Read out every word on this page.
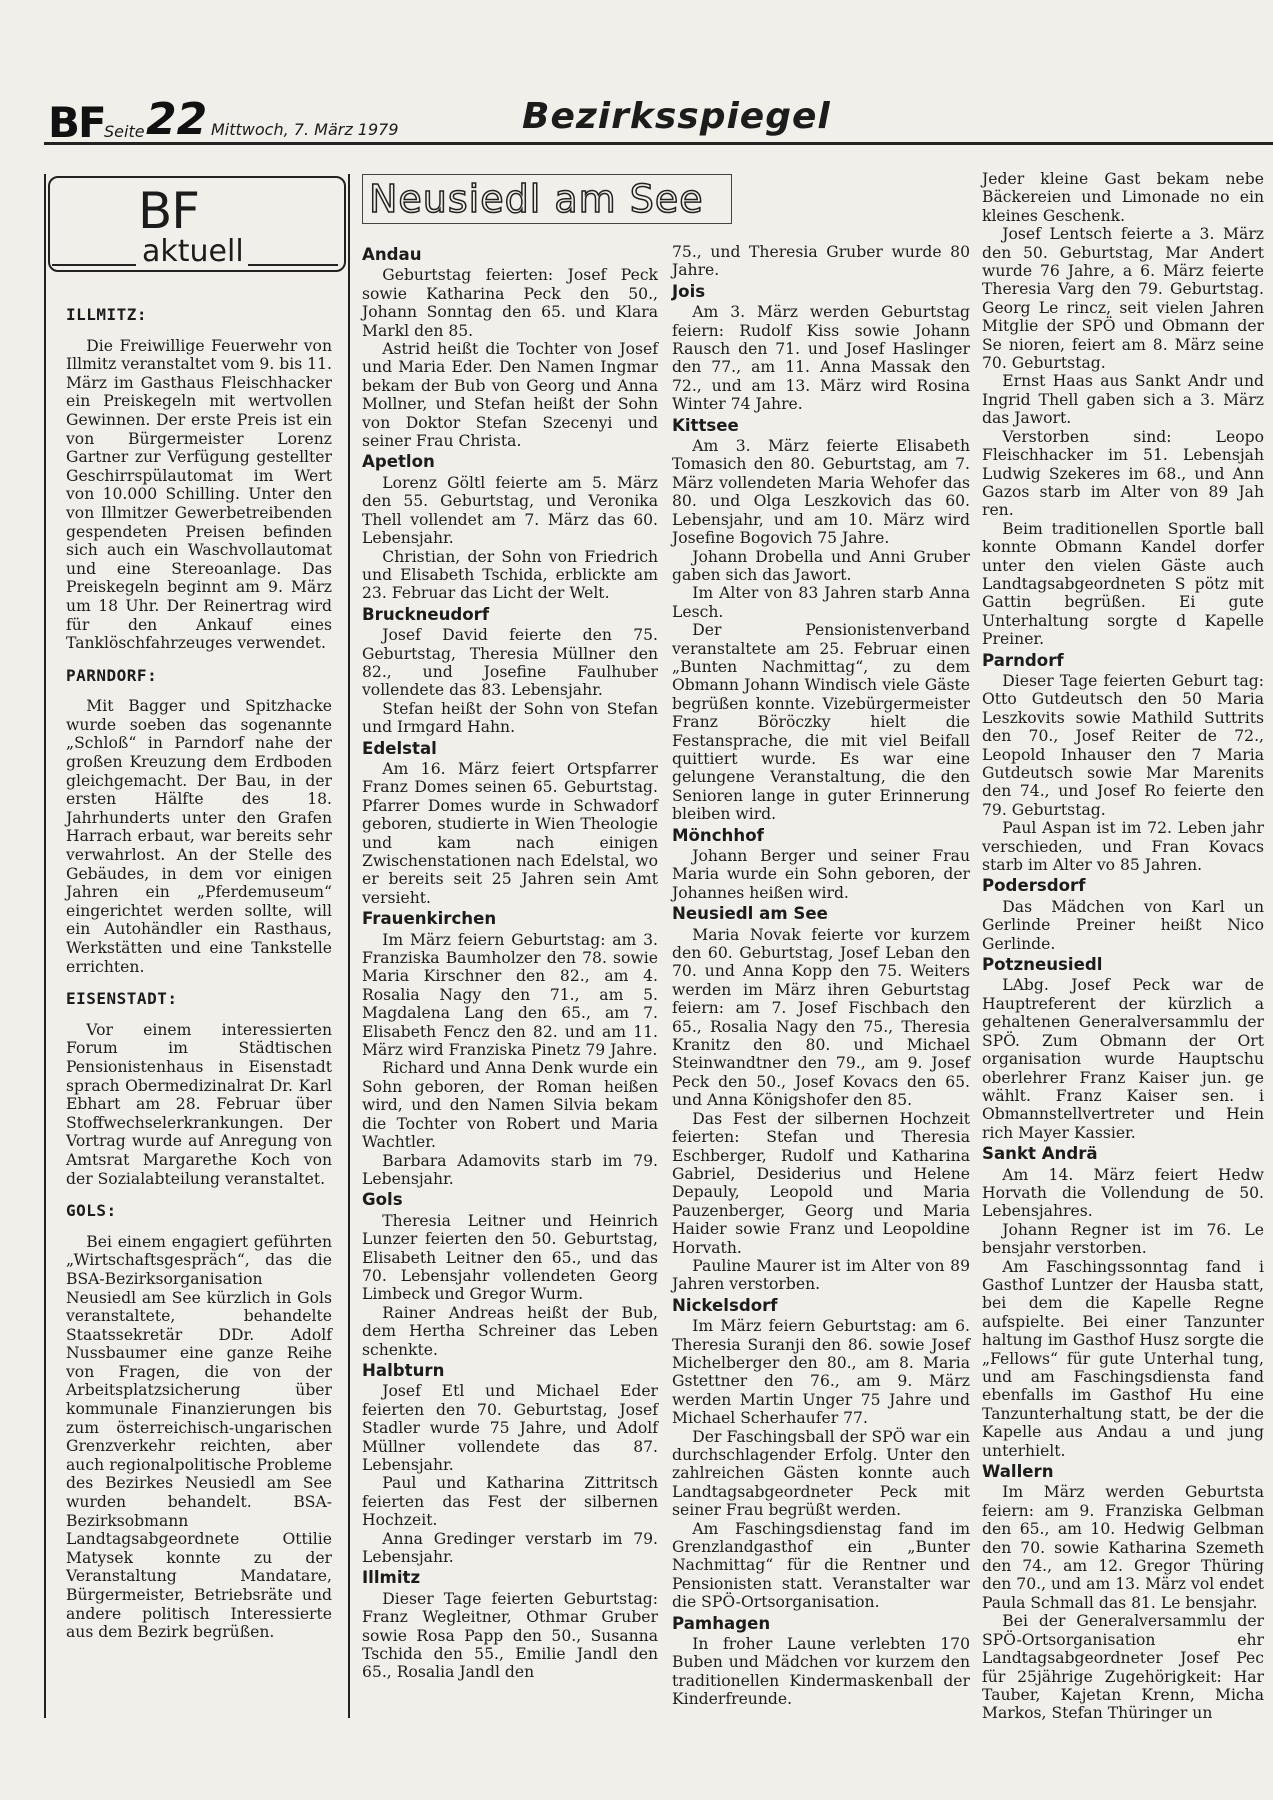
BF Seite 22 Mittwoch, 7. März 1979	Bezirksspiegel
BF
aktuell
ILLMITZ:

Die Freiwillige Feuerwehr von Illmitz veranstaltet vom 9. bis 11. März im Gasthaus Fleischhacker ein Preiskegeln mit wertvollen Gewinnen. Der erste Preis ist ein von Bürgermeister Lorenz Gartner zur Verfügung gestellter Geschirrspülautomat im Wert von 10.000 Schilling. Unter den von Illmitzer Gewerbetreibenden gespendeten Preisen befinden sich auch ein Waschvollautomat und eine Stereoanlage. Das Preiskegeln beginnt am 9. März um 18 Uhr. Der Reinertrag wird für den Ankauf eines Tanklöschfahrzeuges verwendet.

PARNDORF:

Mit Bagger und Spitzhacke wurde soeben das sogenannte „Schloß“ in Parndorf nahe der großen Kreuzung dem Erdboden gleichgemacht. Der Bau, in der ersten Hälfte des 18. Jahrhunderts unter den Grafen Harrach erbaut, war bereits sehr verwahrlost. An der Stelle des Gebäudes, in dem vor einigen Jahren ein „Pferdemuseum“ eingerichtet werden sollte, will ein Autohändler ein Rasthaus, Werkstätten und eine Tankstelle errichten.

EISENSTADT:

Vor einem interessierten Forum im Städtischen Pensionistenhaus in Eisenstadt sprach Obermedizinalrat Dr. Karl Ebhart am 28. Februar über Stoffwechselerkrankungen. Der Vortrag wurde auf Anregung von Amtsrat Margarethe Koch von der Sozialabteilung veranstaltet.

GOLS:

Bei einem engagiert geführten „Wirtschaftsgespräch“, das die BSA-Bezirksorganisation Neusiedl am See kürzlich in Gols veranstaltete, behandelte Staatssekretär DDr. Adolf Nussbaumer eine ganze Reihe von Fragen, die von der Arbeitsplatzsicherung über kommunale Finanzierungen bis zum österreichisch-ungarischen Grenzverkehr reichten, aber auch regionalpolitische Probleme des Bezirkes Neusiedl am See wurden behandelt. BSA-Bezirksobmann Landtagsabgeordnete Ottilie Matysek konnte zu der Veranstaltung Mandatare, Bürgermeister, Betriebsräte und andere politisch Interessierte aus dem Bezirk begrüßen.

Neusiedl am See
Andau

Geburtstag feierten: Josef Peck sowie Katharina Peck den 50., Johann Sonntag den 65. und Klara Markl den 85.

Astrid heißt die Tochter von Josef und Maria Eder. Den Namen Ingmar bekam der Bub von Georg und Anna Mollner, und Stefan heißt der Sohn von Doktor Stefan Szecenyi und seiner Frau Christa.

Apetlon

Lorenz Göltl feierte am 5. März den 55. Geburtstag, und Veronika Thell vollendet am 7. März das 60. Lebensjahr.

Christian, der Sohn von Friedrich und Elisabeth Tschida, erblickte am 23. Februar das Licht der Welt.

Bruckneudorf

Josef David feierte den 75. Geburtstag, Theresia Müllner den 82., und Josefine Faulhuber vollendete das 83. Lebensjahr.

Stefan heißt der Sohn von Stefan und Irmgard Hahn.

Edelstal

Am 16. März feiert Ortspfarrer Franz Domes seinen 65. Geburtstag. Pfarrer Domes wurde in Schwadorf geboren, studierte in Wien Theologie und kam nach einigen Zwischenstationen nach Edelstal, wo er bereits seit 25 Jahren sein Amt versieht.

Frauenkirchen

Im März feiern Geburtstag: am 3. Franziska Baumholzer den 78. sowie Maria Kirschner den 82., am 4. Rosalia Nagy den 71., am 5. Magdalena Lang den 65., am 7. Elisabeth Fencz den 82. und am 11. März wird Franziska Pinetz 79 Jahre.

Richard und Anna Denk wurde ein Sohn geboren, der Roman heißen wird, und den Namen Silvia bekam die Tochter von Robert und Maria Wachtler.

Barbara Adamovits starb im 79. Lebensjahr.

Gols

Theresia Leitner und Heinrich Lunzer feierten den 50. Geburtstag, Elisabeth Leitner den 65., und das 70. Lebensjahr vollendeten Georg Limbeck und Gregor Wurm.

Rainer Andreas heißt der Bub, dem Hertha Schreiner das Leben schenkte.

Halbturn

Josef Etl und Michael Eder feierten den 70. Geburtstag, Josef Stadler wurde 75 Jahre, und Adolf Müllner vollendete das 87. Lebensjahr.

Paul und Katharina Zittritsch feierten das Fest der silbernen Hochzeit.

Anna Gredinger verstarb im 79. Lebensjahr.

Illmitz

Dieser Tage feierten Geburtstag: Franz Wegleitner, Othmar Gruber sowie Rosa Papp den 50., Susanna Tschida den 55., Emilie Jandl den 65., Rosalia Jandl den

75., und Theresia Gruber wurde 80 Jahre.

Jois

Am 3. März werden Geburtstag feiern: Rudolf Kiss sowie Johann Rausch den 71. und Josef Haslinger den 77., am 11. Anna Massak den 72., und am 13. März wird Rosina Winter 74 Jahre.

Kittsee

Am 3. März feierte Elisabeth Tomasich den 80. Geburtstag, am 7. März vollendeten Maria Wehofer das 80. und Olga Leszkovich das 60. Lebensjahr, und am 10. März wird Josefine Bogovich 75 Jahre.

Johann Drobella und Anni Gruber gaben sich das Jawort.

Im Alter von 83 Jahren starb Anna Lesch.

Der Pensionistenverband veranstaltete am 25. Februar einen „Bunten Nachmittag“, zu dem Obmann Johann Windisch viele Gäste begrüßen konnte. Vizebürgermeister Franz Böröczky hielt die Festansprache, die mit viel Beifall quittiert wurde. Es war eine gelungene Veranstaltung, die den Senioren lange in guter Erinnerung bleiben wird.

Mönchhof

Johann Berger und seiner Frau Maria wurde ein Sohn geboren, der Johannes heißen wird.

Neusiedl am See

Maria Novak feierte vor kurzem den 60. Geburtstag, Josef Leban den 70. und Anna Kopp den 75. Weiters werden im März ihren Geburtstag feiern: am 7. Josef Fischbach den 65., Rosalia Nagy den 75., Theresia Kranitz den 80. und Michael Steinwandtner den 79., am 9. Josef Peck den 50., Josef Kovacs den 65. und Anna Königshofer den 85.

Das Fest der silbernen Hochzeit feierten: Stefan und Theresia Eschberger, Rudolf und Katharina Gabriel, Desiderius und Helene Depauly, Leopold und Maria Pauzenberger, Georg und Maria Haider sowie Franz und Leopoldine Horvath.

Pauline Maurer ist im Alter von 89 Jahren verstorben.

Nickelsdorf

Im März feiern Geburtstag: am 6. Theresia Suranji den 86. sowie Josef Michelberger den 80., am 8. Maria Gstettner den 76., am 9. März werden Martin Unger 75 Jahre und Michael Scherhaufer 77.

Der Faschingsball der SPÖ war ein durchschlagender Erfolg. Unter den zahlreichen Gästen konnte auch Landtagsabgeordneter Peck mit seiner Frau begrüßt werden.

Am Faschingsdienstag fand im Grenzlandgasthof ein „Bunter Nachmittag“ für die Rentner und Pensionisten statt. Veranstalter war die SPÖ-Ortsorganisation.

Pamhagen

In froher Laune verlebten 170 Buben und Mädchen vor kurzem den traditionellen Kindermaskenball der Kinderfreunde.

Jeder kleine Gast bekam nebe Bäckereien und Limonade no ein kleines Geschenk.

Josef Lentsch feierte a 3. März den 50. Geburtstag, Mar Andert wurde 76 Jahre, a 6. März feierte Theresia Varg den 79. Geburtstag. Georg Le rincz, seit vielen Jahren Mitglie der SPÖ und Obmann der Se nioren, feiert am 8. März seine 70. Geburtstag.

Ernst Haas aus Sankt Andr und Ingrid Thell gaben sich a 3. März das Jawort.

Verstorben sind: Leopo Fleischhacker im 51. Lebensjah Ludwig Szekeres im 68., und Ann Gazos starb im Alter von 89 Jah ren.

Beim traditionellen Sportle ball konnte Obmann Kandel dorfer unter den vielen Gäste auch Landtagsabgeordneten S pötz mit Gattin begrüßen. Ei gute Unterhaltung sorgte d Kapelle Preiner.

Parndorf

Dieser Tage feierten Geburt tag: Otto Gutdeutsch den 50 Maria Leszkovits sowie Mathild Suttrits den 70., Josef Reiter de 72., Leopold Inhauser den 7 Maria Gutdeutsch sowie Mar Marenits den 74., und Josef Ro feierte den 79. Geburtstag.

Paul Aspan ist im 72. Leben jahr verschieden, und Fran Kovacs starb im Alter vo 85 Jahren.

Podersdorf

Das Mädchen von Karl un Gerlinde Preiner heißt Nico Gerlinde.

Potzneusiedl

LAbg. Josef Peck war de Hauptreferent der kürzlich a gehaltenen Generalversammlu der SPÖ. Zum Obmann der Ort organisation wurde Hauptschu oberlehrer Franz Kaiser jun. ge wählt. Franz Kaiser sen. i Obmannstellvertreter und Hein rich Mayer Kassier.

Sankt Andrä

Am 14. März feiert Hedw Horvath die Vollendung de 50. Lebensjahres.

Johann Regner ist im 76. Le bensjahr verstorben.

Am Faschingssonntag fand i Gasthof Luntzer der Hausba statt, bei dem die Kapelle Regne aufspielte. Bei einer Tanzunter haltung im Gasthof Husz sorgte die „Fellows“ für gute Unterhal tung, und am Faschingsdiensta fand ebenfalls im Gasthof Hu eine Tanzunterhaltung statt, be der die Kapelle aus Andau a und jung unterhielt.

Wallern

Im März werden Geburtsta feiern: am 9. Franziska Gelbman den 65., am 10. Hedwig Gelbman den 70. sowie Katharina Szemeth den 74., am 12. Gregor Thüring den 70., und am 13. März vol endet Paula Schmall das 81. Le bensjahr.

Bei der Generalversammlu der SPÖ-Ortsorganisation ehr Landtagsabgeordneter Josef Pec für 25jährige Zugehörigkeit: Har Tauber, Kajetan Krenn, Micha Markos, Stefan Thüringer un
